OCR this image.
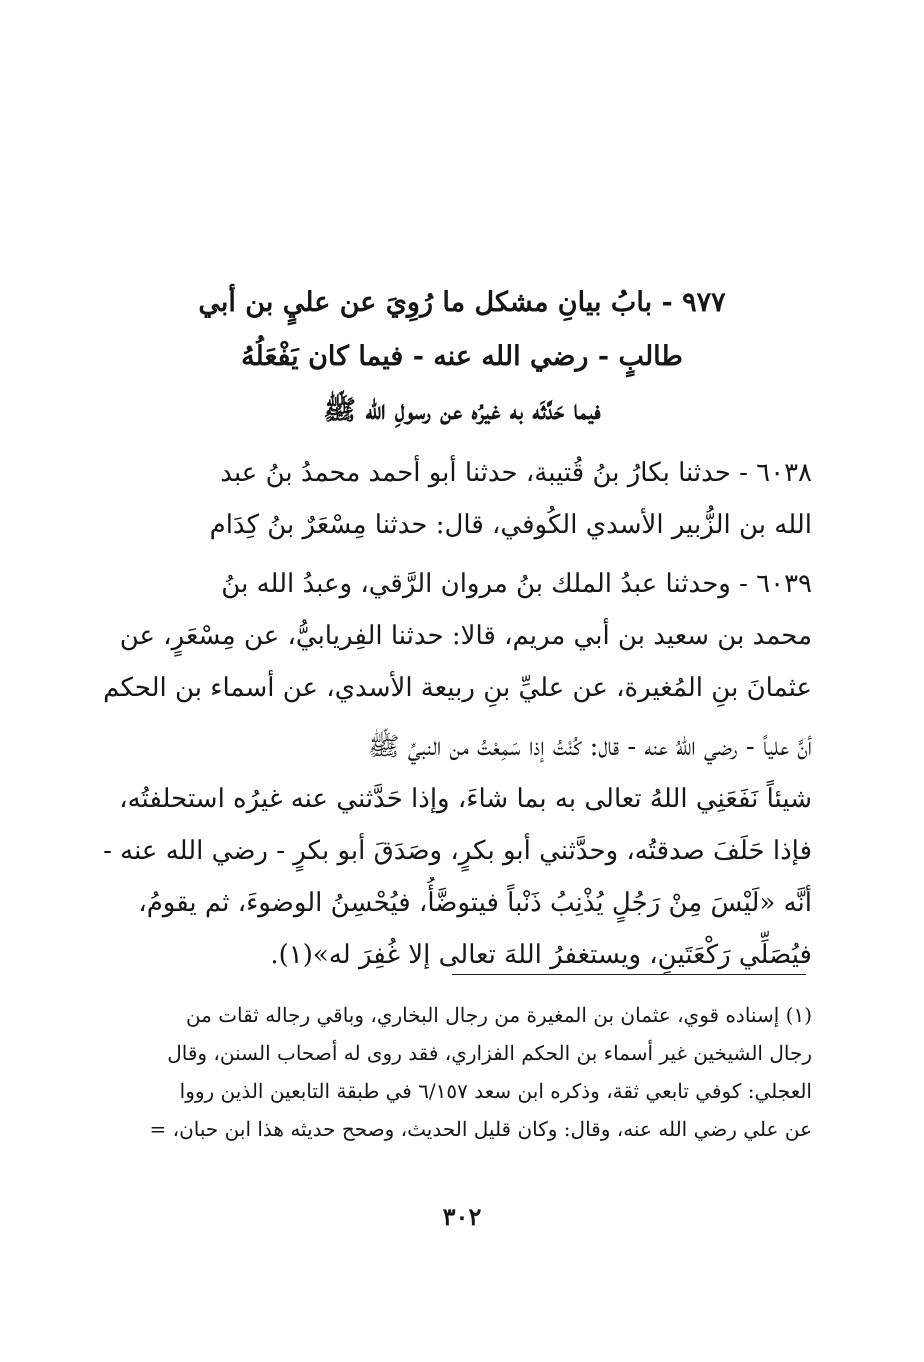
٩٧٧ - بابُ بيانِ مشكل ما رُوِيَ عن عليٍ بن أبي
طالبٍ - رضي الله عنه - فيما كان يَفْعَلُهُ
فيما حَدَّثَه به غيرُه عن رسولِ الله ﷺ

٦٠٣٨ - حدثنا بكارُ بنُ قُتيبة، حدثنا أبو أحمد محمدُ بنُ عبد
الله بن الزُّبير الأسدي الكُوفي، قال: حدثنا مِسْعَرٌ بنُ كِدَام

٦٠٣٩ - وحدثنا عبدُ الملك بنُ مروان الرَّقي، وعبدُ الله بنُ
محمد بن سعيد بن أبي مريم، قالا: حدثنا الفِريابيُّ، عن مِسْعَرٍ، عن
عثمانَ بنِ المُغيرة، عن عليِّ بنِ ربيعة الأسدي، عن أسماء بن الحكم

أنَّ علياً - رضي اللهُ عنه - قال: كُنْتُ إذا سَمِعْتُ من النبيِّ ﷺ
شيئاً نَفَعَنِي اللهُ تعالى به بما شاءَ، وإذا حَدَّثني عنه غيرُه استحلفتُه،
فإذا حَلَفَ صدقتُه، وحدَّثني أبو بكرٍ، وصَدَقَ أبو بكرٍ - رضي الله عنه -
أنَّه «لَيْسَ مِنْ رَجُلٍ يُذْنِبُ ذَنْباً فيتوضَّأُ، فيُحْسِنُ الوضوءَ، ثم يقومُ،
فيُصَلِّي رَكْعَتَينِ، ويستغفرُ اللهَ تعالى إلا غُفِرَ له»(١).

(١) إسناده قوي، عثمان بن المغيرة من رجال البخاري، وباقي رجاله ثقات من
رجال الشيخين غير أسماء بن الحكم الفزاري، فقد روى له أصحاب السنن، وقال
العجلي: كوفي تابعي ثقة، وذكره ابن سعد ٦/١٥٧ في طبقة التابعين الذين رووا
عن علي رضي الله عنه، وقال: وكان قليل الحديث، وصحح حديثه هذا ابن حبان، =
٣٠٢
